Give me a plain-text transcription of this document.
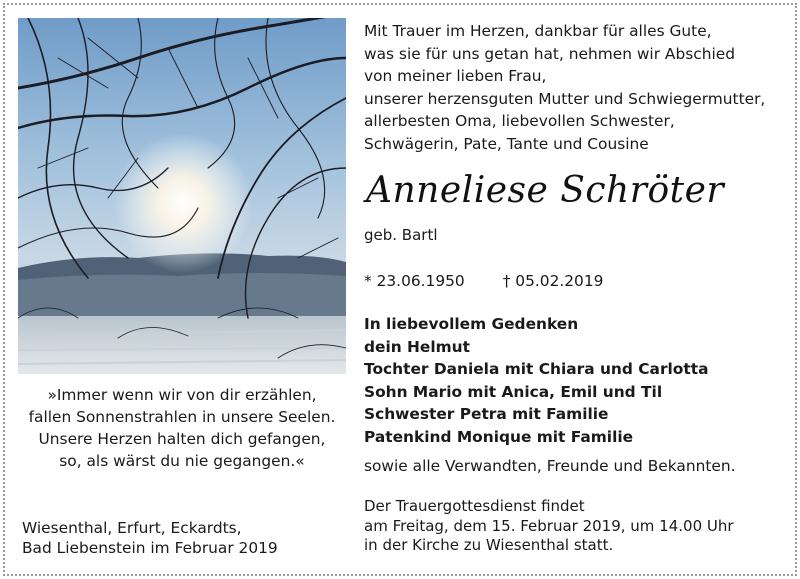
»Immer wenn wir von dir erzählen,
fallen Sonnenstrahlen in unsere Seelen.
Unsere Herzen halten dich gefangen,
so, als wärst du nie gegangen.«
Wiesenthal, Erfurt, Eckardts,
Bad Liebenstein im Februar 2019
Mit Trauer im Herzen, dankbar für alles Gute,
was sie für uns getan hat, nehmen wir Abschied
von meiner lieben Frau,
unserer herzensguten Mutter und Schwiegermutter,
allerbesten Oma, liebevollen Schwester,
Schwägerin, Pate, Tante und Cousine
Anneliese Schröter
geb. Bartl
* 23.06.1950 † 05.02.2019
In liebevollem Gedenken
dein Helmut
Tochter Daniela mit Chiara und Carlotta
Sohn Mario mit Anica, Emil und Til
Schwester Petra mit Familie
Patenkind Monique mit Familie
sowie alle Verwandten, Freunde und Bekannten.
Der Trauergottesdienst findet
am Freitag, dem 15. Februar 2019, um 14.00 Uhr
in der Kirche zu Wiesenthal statt.
